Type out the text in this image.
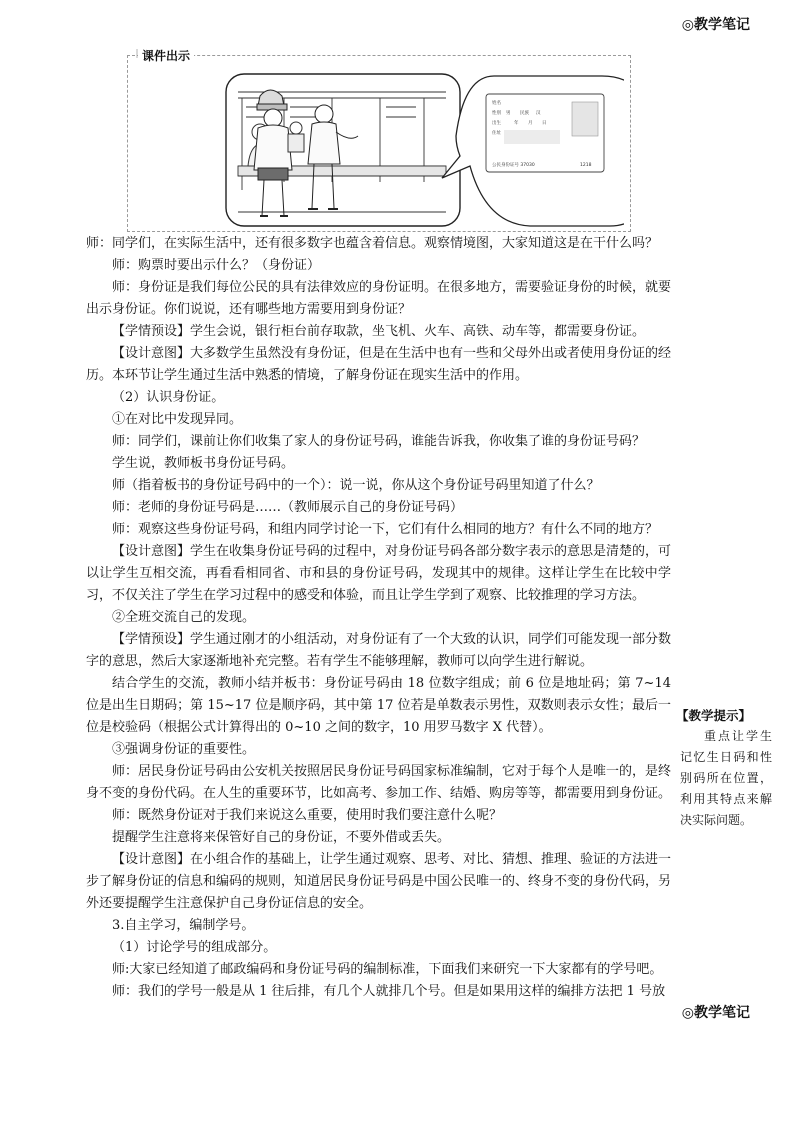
◎教学笔记
课件出示
姓名
性别 男 民族 汉
出生	年 月 日
住址
公民身份证号 37030	1218

师：同学们，在实际生活中，还有很多数字也蕴含着信息。观察情境图，大家知道这是在干什么吗？

师：购票时要出示什么？（身份证）

师：身份证是我们每位公民的具有法律效应的身份证明。在很多地方，需要验证身份的时候，就要出示身份证。你们说说，还有哪些地方需要用到身份证？

【学情预设】学生会说，银行柜台前存取款，坐飞机、火车、高铁、动车等，都需要身份证。

【设计意图】大多数学生虽然没有身份证，但是在生活中也有一些和父母外出或者使用身份证的经历。本环节让学生通过生活中熟悉的情境，了解身份证在现实生活中的作用。

（2）认识身份证。

①在对比中发现异同。

师：同学们，课前让你们收集了家人的身份证号码，谁能告诉我，你收集了谁的身份证号码？

学生说，教师板书身份证号码。

师（指着板书的身份证号码中的一个）：说一说，你从这个身份证号码里知道了什么？

师：老师的身份证号码是……（教师展示自己的身份证号码）

师：观察这些身份证号码，和组内同学讨论一下，它们有什么相同的地方？有什么不同的地方？

【设计意图】学生在收集身份证号码的过程中，对身份证号码各部分数字表示的意思是清楚的，可以让学生互相交流，再看看相同省、市和县的身份证号码，发现其中的规律。这样让学生在比较中学习，不仅关注了学生在学习过程中的感受和体验，而且让学生学到了观察、比较推理的学习方法。

②全班交流自己的发现。

【学情预设】学生通过刚才的小组活动，对身份证有了一个大致的认识，同学们可能发现一部分数字的意思，然后大家逐渐地补充完整。若有学生不能够理解，教师可以向学生进行解说。

结合学生的交流，教师小结并板书：身份证号码由 18 位数字组成；前 6 位是地址码；第 7~14 位是出生日期码；第 15~17 位是顺序码，其中第 17 位若是单数表示男性，双数则表示女性；最后一位是校验码（根据公式计算得出的 0~10 之间的数字，10 用罗马数字 X 代替）。

③强调身份证的重要性。

师：居民身份证号码由公安机关按照居民身份证号码国家标准编制，它对于每个人是唯一的，是终身不变的身份代码。在人生的重要环节，比如高考、参加工作、结婚、购房等等，都需要用到身份证。

师：既然身份证对于我们来说这么重要，使用时我们要注意什么呢？

提醒学生注意将来保管好自己的身份证，不要外借或丢失。

【设计意图】在小组合作的基础上，让学生通过观察、思考、对比、猜想、推理、验证的方法进一步了解身份证的信息和编码的规则，知道居民身份证号码是中国公民唯一的、终身不变的身份代码，另外还要提醒学生注意保护自己身份证信息的安全。

3.自主学习，编制学号。

（1）讨论学号的组成部分。

师:大家已经知道了邮政编码和身份证号码的编制标准，下面我们来研究一下大家都有的学号吧。

师：我们的学号一般是从 1 往后排，有几个人就排几个号。但是如果用这样的编排方法把 1 号放

【教学提示】
重点让学生记忆生日码和性别码所在位置，利用其特点来解决实际问题。
◎教学笔记
